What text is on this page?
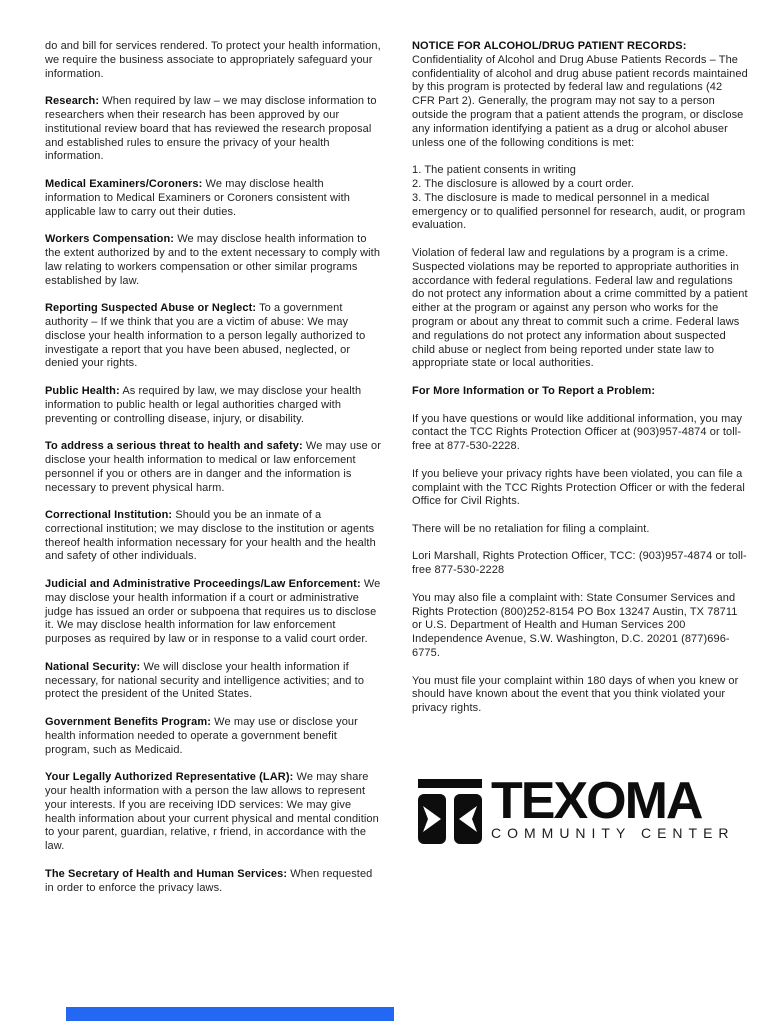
do and bill for services rendered. To protect your health information, we require the business associate to appropriately safeguard your information.

Research: When required by law – we may disclose information to researchers when their research has been approved by our institutional review board that has reviewed the research proposal and established rules to ensure the privacy of your health information.

Medical Examiners/Coroners: We may disclose health information to Medical Examiners or Coroners consistent with applicable law to carry out their duties.

Workers Compensation: We may disclose health information to the extent authorized by and to the extent necessary to comply with law relating to workers compensation or other similar programs established by law.

Reporting Suspected Abuse or Neglect: To a government authority – If we think that you are a victim of abuse: We may disclose your health information to a person legally authorized to investigate a report that you have been abused, neglected, or denied your rights.

Public Health: As required by law, we may disclose your health information to public health or legal authorities charged with preventing or controlling disease, injury, or disability.

To address a serious threat to health and safety: We may use or disclose your health information to medical or law enforcement personnel if you or others are in danger and the information is necessary to prevent physical harm.

Correctional Institution: Should you be an inmate of a correctional institution; we may disclose to the institution or agents thereof health information necessary for your health and the health and safety of other individuals.

Judicial and Administrative Proceedings/Law Enforcement: We may disclose your health information if a court or administrative judge has issued an order or subpoena that requires us to disclose it. We may disclose health information for law enforcement purposes as required by law or in response to a valid court order.

National Security: We will disclose your health information if necessary, for national security and intelligence activities; and to protect the president of the United States.

Government Benefits Program: We may use or disclose your health information needed to operate a government benefit program, such as Medicaid.

Your Legally Authorized Representative (LAR): We may share your health information with a person the law allows to represent your interests. If you are receiving IDD services: We may give health information about your current physical and mental condition to your parent, guardian, relative, r friend, in accordance with the law.

The Secretary of Health and Human Services: When requested in order to enforce the privacy laws.

NOTICE FOR ALCOHOL/DRUG PATIENT RECORDS:
Confidentiality of Alcohol and Drug Abuse Patients Records – The confidentiality of alcohol and drug abuse patient records maintained by this program is protected by federal law and regulations (42 CFR Part 2). Generally, the program may not say to a person outside the program that a patient attends the program, or disclose any information identifying a patient as a drug or alcohol abuser unless one of the following conditions is met:

1. The patient consents in writing
2. The disclosure is allowed by a court order.
3. The disclosure is made to medical personnel in a medical emergency or to qualified personnel for research, audit, or program evaluation.

Violation of federal law and regulations by a program is a crime. Suspected violations may be reported to appropriate authorities in accordance with federal regulations. Federal law and regulations do not protect any information about a crime committed by a patient either at the program or against any person who works for the program or about any threat to commit such a crime. Federal laws and regulations do not protect any information about suspected child abuse or neglect from being reported under state law to appropriate state or local authorities.

For More Information or To Report a Problem:

If you have questions or would like additional information, you may contact the TCC Rights Protection Officer at (903)957-4874 or toll-free at 877-530-2228.

If you believe your privacy rights have been violated, you can file a complaint with the TCC Rights Protection Officer or with the federal Office for Civil Rights.

There will be no retaliation for filing a complaint.

Lori Marshall, Rights Protection Officer, TCC: (903)957-4874 or toll-free 877-530-2228

You may also file a complaint with: State Consumer Services and Rights Protection (800)252-8154 PO Box 13247 Austin, TX 78711 or U.S. Department of Health and Human Services 200 Independence Avenue, S.W. Washington, D.C. 20201 (877)696-6775.

You must file your complaint within 180 days of when you knew or should have known about the event that you think violated your privacy rights.

TEXOMA
COMMUNITY CENTER
